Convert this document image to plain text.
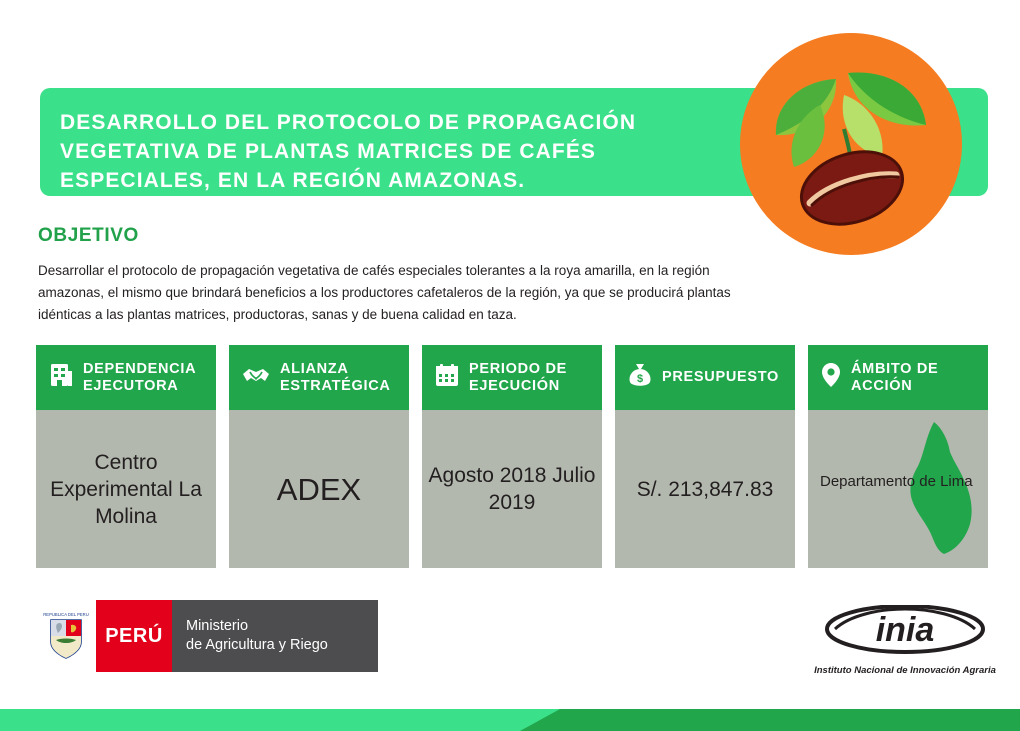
DESARROLLO DEL PROTOCOLO DE PROPAGACIÓN VEGETATIVA DE PLANTAS MATRICES DE CAFÉS ESPECIALES, EN LA REGIÓN AMAZONAS.
OBJETIVO
Desarrollar el protocolo de propagación vegetativa de cafés especiales tolerantes a la roya amarilla, en la región amazonas, el mismo que brindará beneficios a los productores cafetaleros de la región, ya que se producirá plantas idénticas a las plantas matrices, productoras, sanas y de buena calidad en taza.
DEPENDENCIA EJECUTORA
Centro Experimental La Molina
ALIANZA ESTRATÉGICA
ADEX
PERIODO DE EJECUCIÓN
Agosto 2018 Julio 2019
$ PRESUPUESTO
S/. 213,847.83
ÁMBITO DE ACCIÓN
Departamento de Lima
REPUBLICA DEL PERU
PERÚ	Ministerio
de Agricultura y Riego	inia
Instituto Nacional de Innovación Agraria
